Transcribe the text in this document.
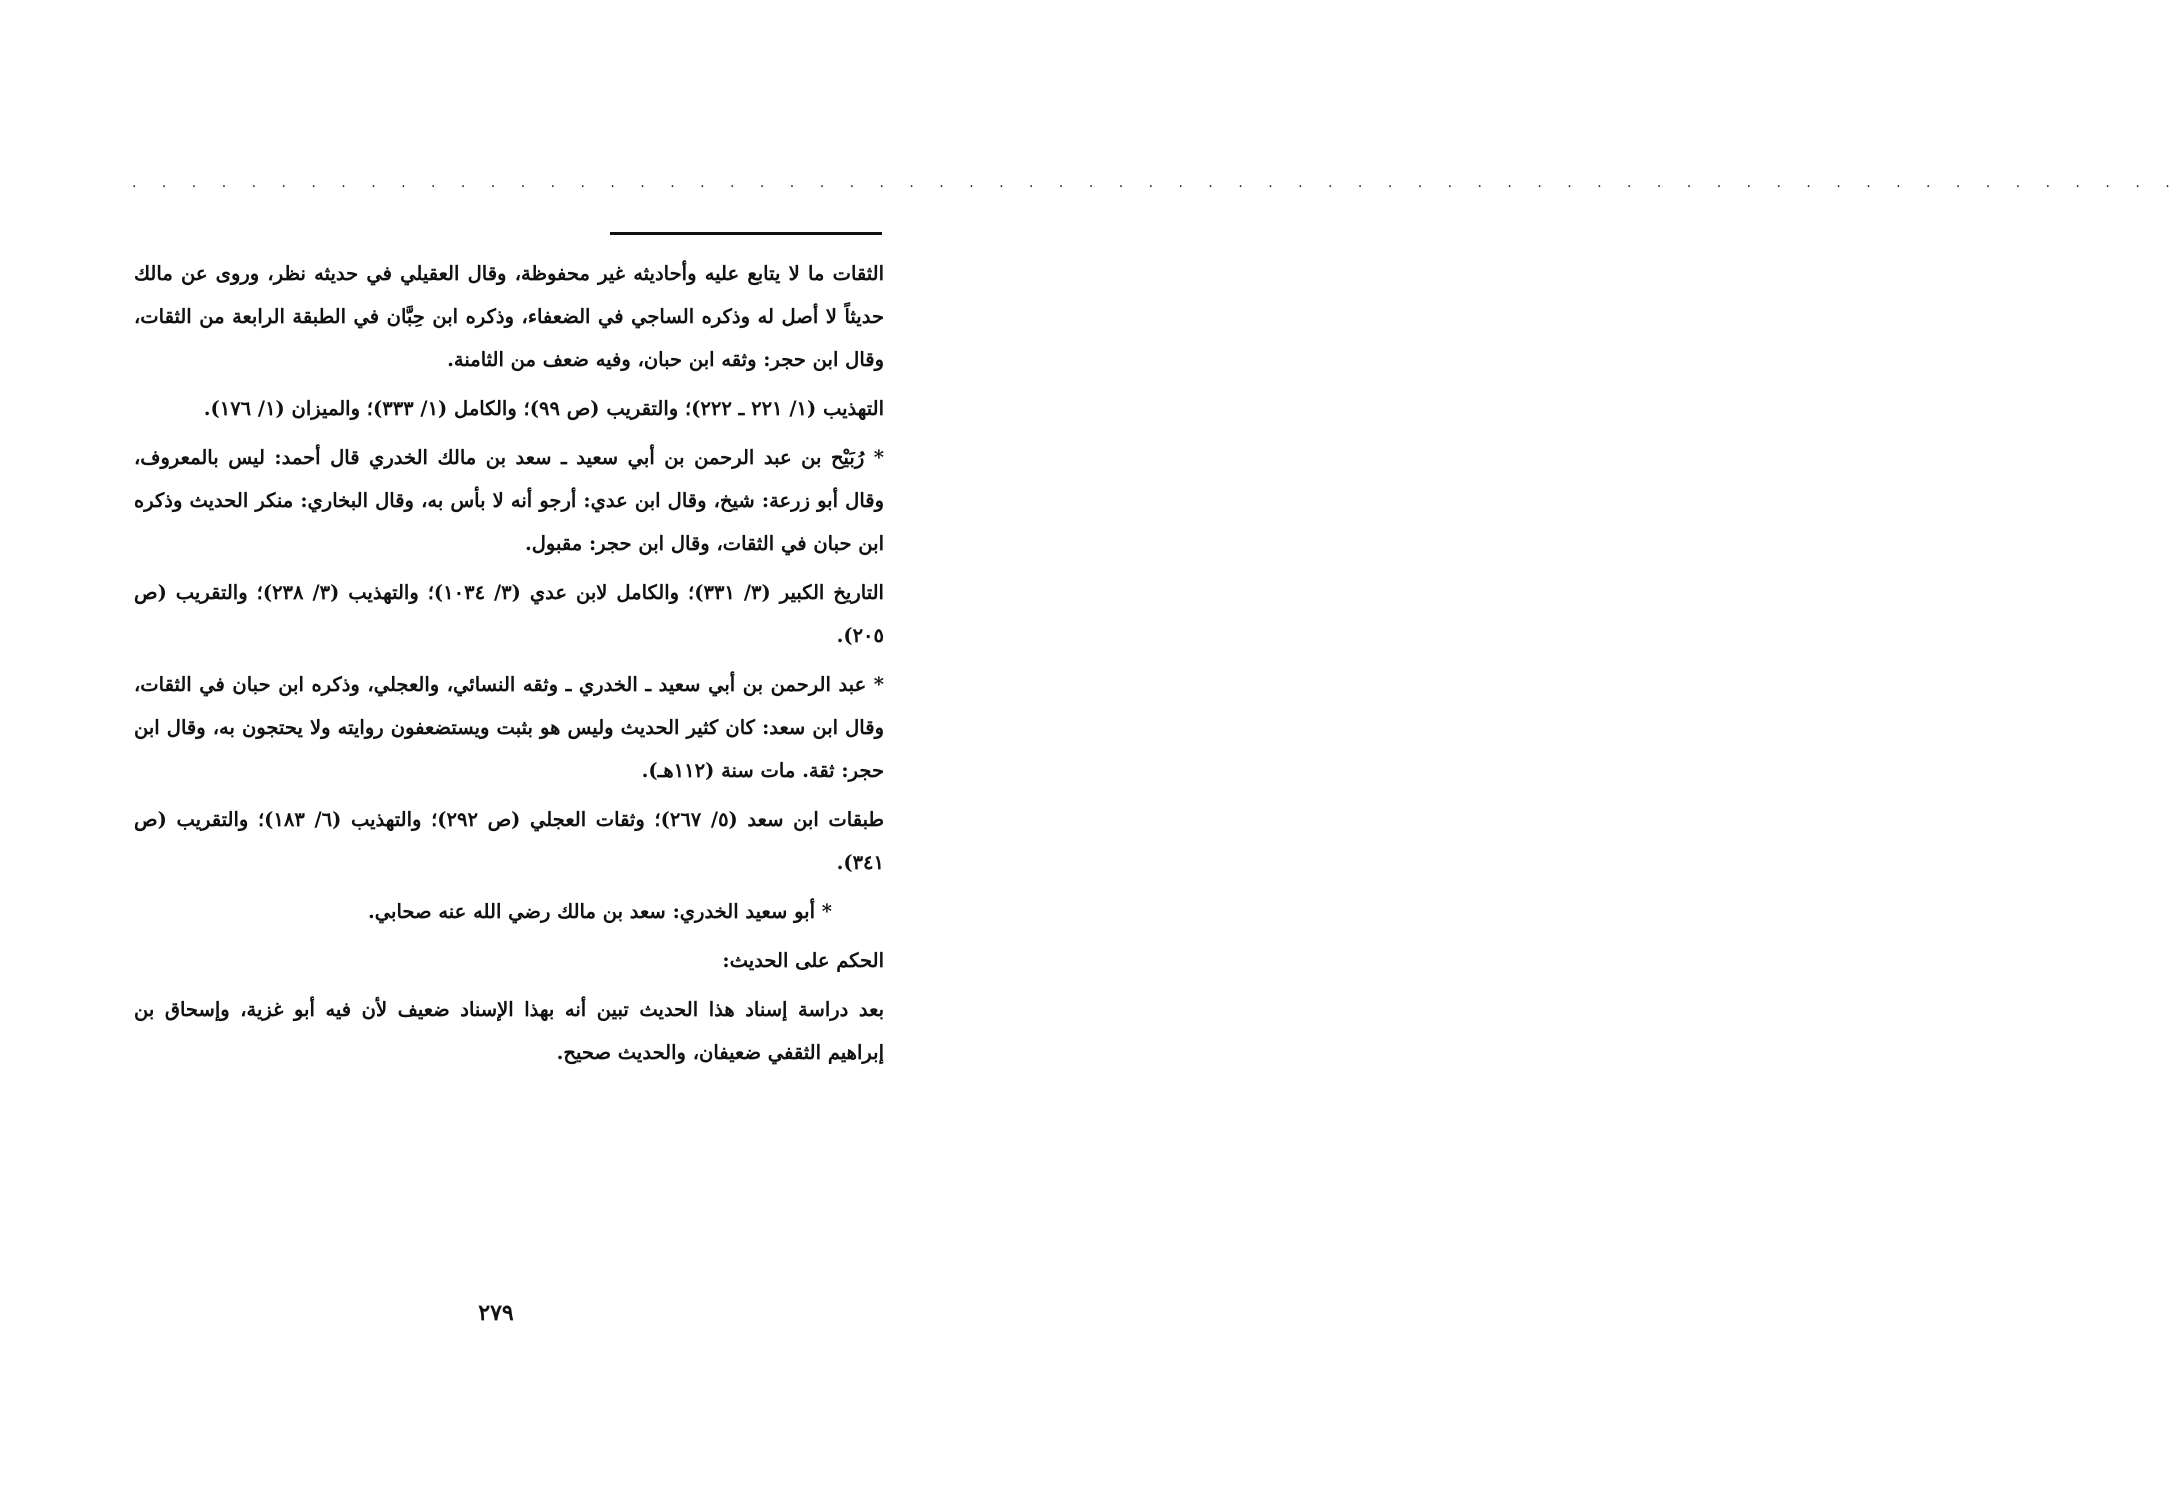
. . . . . . . . . . . . . . . . . . . . . . . . . . . . . . . . . . . . . . . . . . . . . . . . . . . . . . . . . . . . . . . . . . . . .

الثقات ما لا يتابع عليه وأحاديثه غير محفوظة، وقال العقيلي في حديثه نظر، وروى عن مالك حديثاً لا أصل له وذكره الساجي في الضعفاء، وذكره ابن حِبَّان في الطبقة الرابعة من الثقات، وقال ابن حجر: وثقه ابن حبان، وفيه ضعف من الثامنة.

التهذيب (١/ ٢٢١ ـ ٢٢٢)؛ والتقريب (ص ٩٩)؛ والكامل (١/ ٣٣٣)؛ والميزان (١/ ١٧٦).

* رُبَيْح بن عبد الرحمن بن أبي سعيد ـ سعد بن مالك الخدري قال أحمد: ليس بالمعروف، وقال أبو زرعة: شيخ، وقال ابن عدي: أرجو أنه لا بأس به، وقال البخاري: منكر الحديث وذكره ابن حبان في الثقات، وقال ابن حجر: مقبول.

التاريخ الكبير (٣/ ٣٣١)؛ والكامل لابن عدي (٣/ ١٠٣٤)؛ والتهذيب (٣/ ٢٣٨)؛ والتقريب (ص ٢٠٥).

* عبد الرحمن بن أبي سعيد ـ الخدري ـ وثقه النسائي، والعجلي، وذكره ابن حبان في الثقات، وقال ابن سعد: كان كثير الحديث وليس هو بثبت ويستضعفون روايته ولا يحتجون به، وقال ابن حجر: ثقة. مات سنة (١١٢هـ).

طبقات ابن سعد (٥/ ٢٦٧)؛ وثقات العجلي (ص ٢٩٢)؛ والتهذيب (٦/ ١٨٣)؛ والتقريب (ص ٣٤١).

* أبو سعيد الخدري: سعد بن مالك رضي الله عنه صحابي.

الحكم على الحديث:

بعد دراسة إسناد هذا الحديث تبين أنه بهذا الإسناد ضعيف لأن فيه أبو غزية، وإسحاق بن إبراهيم الثقفي ضعيفان، والحديث صحيح.

٢٧٩
